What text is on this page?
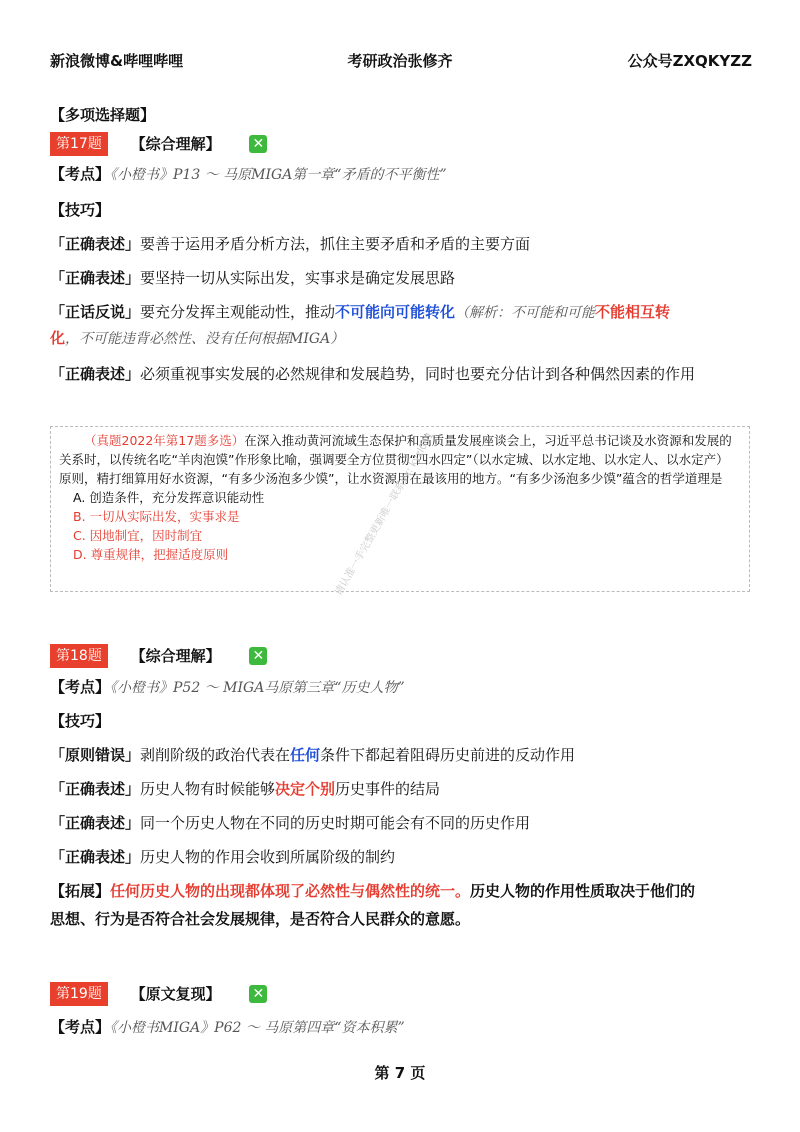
新浪微博&哔哩哔哩	考研政治张修齐	公众号ZXQKYZZ
【多项选择题】
第17题 【综合理解】 ✕
【考点】《小橙书》P13 ～ 马原MIGA第一章“矛盾的不平衡性”
【技巧】
「正确表述」要善于运用矛盾分析方法，抓住主要矛盾和矛盾的主要方面
「正确表述」要坚持一切从实际出发，实事求是确定发展思路
「正话反说」要充分发挥主观能动性，推动不可能向可能转化（解析：不可能和可能不能相互转
化，不可能违背必然性、没有任何根据MIGA）
「正确表述」必须重视事实发展的必然规律和发展趋势，同时也要充分估计到各种偶然因素的作用

  （真题2022年第17题多选）在深入推动黄河流域生态保护和高质量发展座谈会上，习近平总书记谈及水资源和发展的关系时，以传统名吃“羊肉泡馍”作形象比喻，强调要全方位贯彻“四水四定”（以水定城、以水定地、以水定人、以水定产）原则，精打细算用好水资源，“有多少汤泡多少馍”，让水资源用在最该用的地方。“有多少汤泡多少馍”蕴含的哲学道理是

A. 创造条件，充分发挥意识能动性
B. 一切从实际出发，实事求是
C. 因地制宜，因时制宜
D. 尊重规律，把握适度原则	请认准一手完整更新唯一联系vx: kyzl051
第18题 【综合理解】 ✕
【考点】《小橙书》P52 ～ MIGA马原第三章“历史人物”
【技巧】
「原则错误」剥削阶级的政治代表在任何条件下都起着阻碍历史前进的反动作用
「正确表述」历史人物有时候能够决定个别历史事件的结局
「正确表述」同一个历史人物在不同的历史时期可能会有不同的历史作用
「正确表述」历史人物的作用会收到所属阶级的制约
【拓展】任何历史人物的出现都体现了必然性与偶然性的统一。历史人物的作用性质取决于他们的
思想、行为是否符合社会发展规律，是否符合人民群众的意愿。
第19题 【原文复现】 ✕
【考点】《小橙书MIGA》P62 ～ 马原第四章“资本积累”
第 7 页
